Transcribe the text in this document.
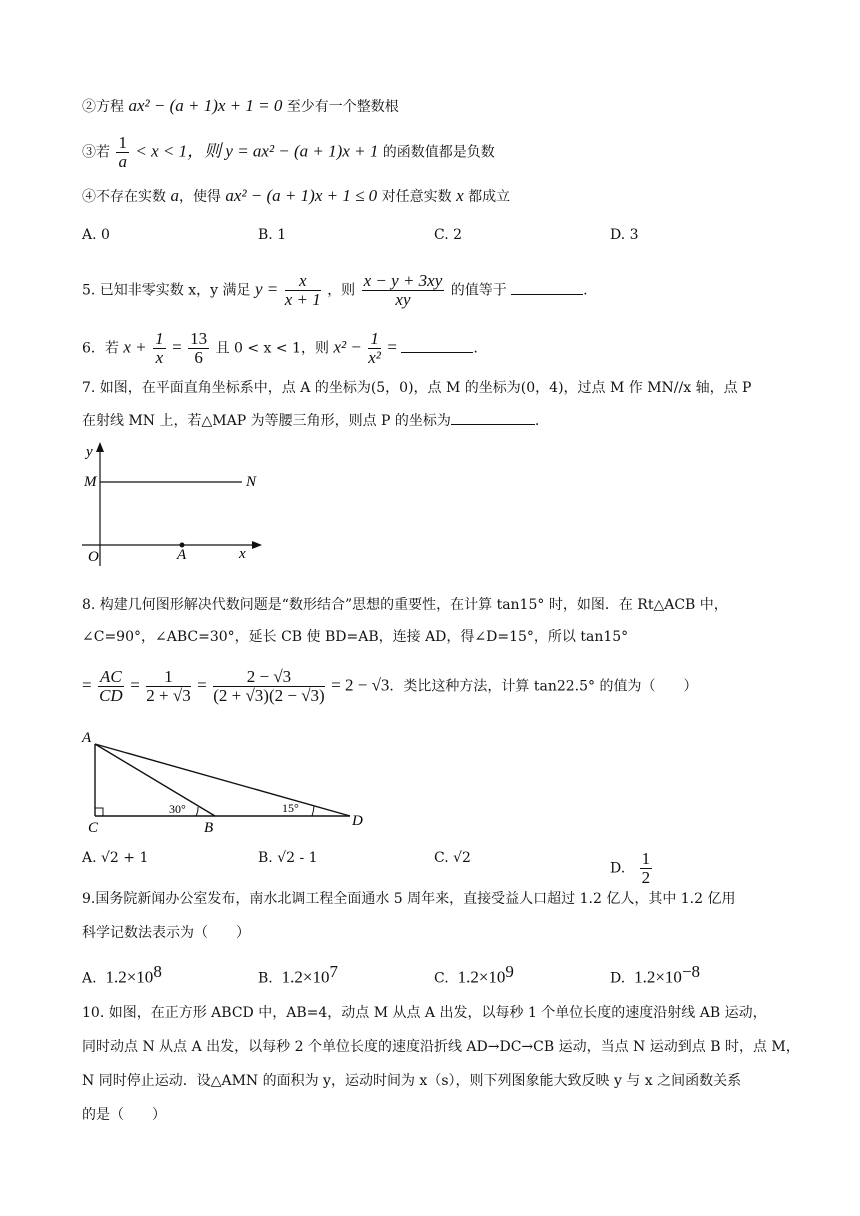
②方程 ax² − (a + 1)x + 1 = 0 至少有一个整数根
③若 $\frac{1}{a} < x < 1$，则 y = ax² − (a + 1)x + 1 的函数值都是负数
④不存在实数 a，使得 ax² − (a + 1)x + 1 ≤ 0 对任意实数 x 都成立
A. 0	B. 1	C. 2	D. 3
5. 已知非零实数 x，y 满足 $y = \frac{x}{x + 1}$ ，则 $\frac{x - y + 3xy}{xy}$ 的值等于	.
6．若 $x + \frac{1}{x} = \frac{13}{6}$ 且 0 < x < 1，则 $x^2 - \frac{1}{\text{x²}}$ =	.
7. 如图，在平面直角坐标系中，点 A 的坐标为(5，0)，点 M 的坐标为(0，4)，过点 M 作 MN//x 轴，点 P
在射线 MN 上，若△MAP 为等腰三角形，则点 P 的坐标为	.
y
M	N
O	A	x
8. 构建几何图形解决代数问题是“数形结合”思想的重要性，在计算 tan15° 时，如图．在 Rt△ACB 中，
∠C=90°，∠ABC=30°，延长 CB 使 BD=AB，连接 AD，得∠D=15°，所以 tan15°
= $\frac{AC}{CD} = \frac{1}{2 + √3} = \frac{2 - √3}{(2 + √3)(2 - √3)} = 2 - √3$．类比这种方法，计算 tan22.5° 的值为（　　）
A
C	B	D
30°	15°
A. √2 + 1	B. √2 - 1	C. √2
D. $\frac{1}{2}$
9.国务院新闻办公室发布，南水北调工程全面通水 5 周年来，直接受益人口超过 1.2 亿人，其中 1.2 亿用
科学记数法表示为（　　）
A. $1.2\times 10^8$	B. $1.2\times 10^7$	C. $1.2\times 10^9$	D. $1.2\times 10^{-8}$
10. 如图，在正方形 ABCD 中，AB=4，动点 M 从点 A 出发，以每秒 1 个单位长度的速度沿射线 AB 运动，
同时动点 N 从点 A 出发，以每秒 2 个单位长度的速度沿折线 AD→DC→CB 运动，当点 N 运动到点 B 时，点 M，
N 同时停止运动．设△AMN 的面积为 y，运动时间为 x（s），则下列图象能大致反映 y 与 x 之间函数关系
的是（　　）
